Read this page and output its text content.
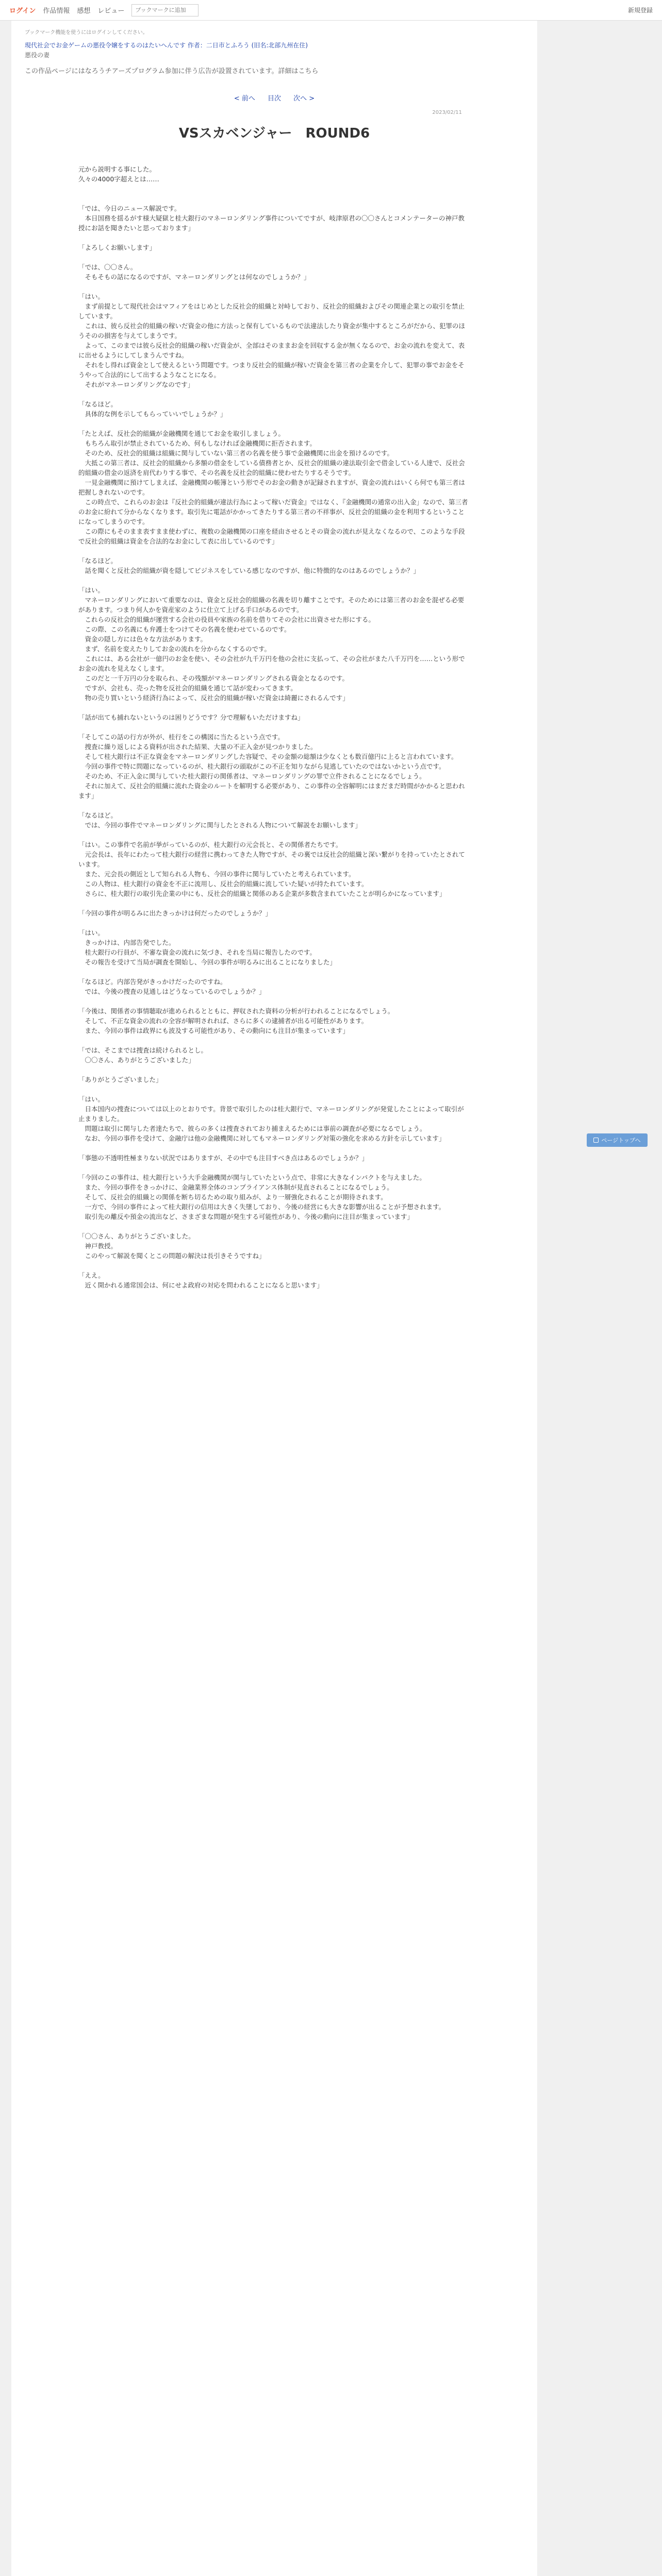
ログイン 作品情報 感想 レビュー
ブックマークに追加	新規登録
ブックマーク機能を使うにはログインしてください。
現代社会でお金ゲームの悪役令嬢をするのはたいへんです 作者：二日市とふろう (旧名:北部九州在住)
悪役の妻
この作品ページにはなろうチアーズプログラム参加に伴う広告が設置されています。詳細はこちら
< 前へ 目次 次へ >
2023/02/11
VSスカベンジャー　ROUND6

元から説明する事にした。

久々の4000字超えとは……

「では、今日のニュース解説です。

　本日国務を揺るがす様大疑獄と桂大銀行のマネーロンダリング事件についてですが、岐津原君の〇〇さんとコメンテーターの神戸教授にお話を聞きたいと思っております」

「よろしくお願いします」

「では、〇〇さん。

　そもそもの話になるのですが、マネーロンダリングとは何なのでしょうか？」

「はい。

　まず前提として現代社会はマフィアをはじめとした反社会的組織と対峙しており、反社会的組織およびその関連企業との取引を禁止しています。

　これは、彼ら反社会的組織の稼いだ資金の他に方法っと保有しているもので法違法したり資金が集中するところがだから、犯罪のほうそのの損害を与えてしまうです。

　よって、このまでは彼ら反社会的組織の稼いだ資金が、全部はそのままお金を回収する金が無くなるので、お金の流れを変えて、表に出せるようにしてしまうんですね。

　それをし得れば資金として使えるという問題です。つまり反社会的組織が稼いだ資金を第三者の企業を介して、犯罪の事でお金をそうやって合法的にして出するようなことになる。

　それがマネーロンダリングなのです」

「なるほど。

　具体的な例を示してもらっていいでしょうか？」

「たとえば、反社会的組織が金融機関を通じてお金を取引しましょう。

　もちろん取引が禁止されているため、何もしなければ金融機関に拒否されます。

　そのため、反社会的組織は組織に関与していない第三者の名義を使う事で金融機関に出金を預けるのです。

　大抵この第三者は、反社会的組織から多額の借金をしている債務者とか、反社会的組織の違法取引金で借金している人達で、反社会的組織の借金の返済を肩代わりする事で、その名義を反社会的組織に使わせたりするそうです。

　一見金融機関に預けてしまえば、金融機関の帳簿という形でそのお金の動きが記録されますが、資金の流れはいくら何でも第三者は把握しきれないのです。

　この時点で、これらのお金は『反社会的組織が違法行為によって稼いだ資金』ではなく、『金融機関の通常の出入金」なので、第三者のお金に紛れて分からなくなります。取引先に電話がかかってきたりする第三者の不祥事が、反社会的組織の金を利用するということになってしまうのです。

　この際にもそのまま表すまま使わずに、複数の金融機関の口座を経由させるとその資金の流れが見えなくなるので、このような手段で反社会的組織は資金を合法的なお金にして表に出しているのです」

「なるほど。

　話を聞くと反社会的組織が資を隠してビジネスをしている感じなのですが、他に特徴的なのはあるのでしょうか？」

「はい。

　マネーロンダリングにおいて重要なのは、資金と反社会的組織の名義を切り離すことです。そのためには第三者のお金を混ぜる必要があります。つまり何人かを資産家のように仕立て上げる手口があるのです。

　これらの反社会的組織が運営する会社の役員や家族の名前を借りてその会社に出資させた形にする。

　この際、この名義にも弁護士をつけてその名義を使わせているのです。

　資金の隠し方には色々な方法があります。

　まず、名前を変えたりしてお金の流れを分からなくするのです。

　これには、ある会社が一億円のお金を使い、その会社が九千万円を他の会社に支払って、その会社がまた八千万円を……という形でお金の流れを見えなくします。

　このだと一千万円の分を取られ、その残額がマネーロンダリングされる資金となるのです。

　ですが、会社も、売った物を反社会的組織を通じて話が変わってきます。

　物の売り買いという経済行為によって、反社会的組織が稼いだ資金は綺麗にされるんです」

「話が出ても捕れないというのは困りどうです？分で理解もいただけますね」

「そしてこの話の行方が外が、桂行をこの構図に当たるという点です。

　捜査に繰り返しによる資料が出された結果、大量の不正入金が見つかりました。

　そして桂大銀行は不正な資金をマネーロンダリングした容疑で、その金額の総額は少なくとも数百億円に上ると言われています。

　今回の事件で特に問題になっているのが、桂大銀行の頭取がこの不正を知りながら見逃していたのではないかという点です。

　そのため、不正入金に関与していた桂大銀行の関係者は、マネーロンダリングの罪で立件されることになるでしょう。

　それに加えて、反社会的組織に流れた資金のルートを解明する必要があり、この事件の全容解明にはまだまだ時間がかかると思われます」

「なるほど。

　では、今回の事件でマネーロンダリングに関与したとされる人物について解説をお願いします」

「はい。この事件で名前が挙がっているのが、桂大銀行の元会長と、その関係者たちです。

　元会長は、長年にわたって桂大銀行の経営に携わってきた人物ですが、その裏では反社会的組織と深い繋がりを持っていたとされています。

　また、元会長の側近として知られる人物も、今回の事件に関与していたと考えられています。

　この人物は、桂大銀行の資金を不正に流用し、反社会的組織に流していた疑いが持たれています。

　さらに、桂大銀行の取引先企業の中にも、反社会的組織と関係のある企業が多数含まれていたことが明らかになっています」

「今回の事件が明るみに出たきっかけは何だったのでしょうか？」

「はい。

　きっかけは、内部告発でした。

　桂大銀行の行員が、不審な資金の流れに気づき、それを当局に報告したのです。

　その報告を受けて当局が調査を開始し、今回の事件が明るみに出ることになりました」

「なるほど。内部告発がきっかけだったのですね。

　では、今後の捜査の見通しはどうなっているのでしょうか？」

「今後は、関係者の事情聴取が進められるとともに、押収された資料の分析が行われることになるでしょう。

　そして、不正な資金の流れの全容が解明されれば、さらに多くの逮捕者が出る可能性があります。

　また、今回の事件は政界にも波及する可能性があり、その動向にも注目が集まっています」

「では、そこまでは捜査は続けられるとし。

　〇〇さん、ありがとうございました」

「ありがとうございました」

「はい。

　日本国内の捜査については以上のとおりです。背景で取引したのは桂大銀行で、マネーロンダリングが発覚したことによって取引が止まりました。

　問題は取引に関与した者達たちで、彼らの多くは捜査されており捕まえるためには事前の調査が必要になるでしょう。

　なお、今回の事件を受けて、金融庁は他の金融機関に対してもマネーロンダリング対策の強化を求める方針を示しています」

「事態の不透明性極まりない状況ではありますが、その中でも注目すべき点はあるのでしょうか？」

「今回のこの事件は、桂大銀行という大手金融機関が関与していたという点で、非常に大きなインパクトを与えました。

　また、今回の事件をきっかけに、金融業界全体のコンプライアンス体制が見直されることになるでしょう。

　そして、反社会的組織との関係を断ち切るための取り組みが、より一層強化されることが期待されます。

　一方で、今回の事件によって桂大銀行の信用は大きく失墜しており、今後の経営にも大きな影響が出ることが予想されます。

　取引先の離反や預金の流出など、さまざまな問題が発生する可能性があり、今後の動向に注目が集まっています」

「〇〇さん、ありがとうございました。

　神戸教授。

　このやって解説を聞くとこの問題の解決は長引きそうですね」

「ええ。

　近く開かれる通常国会は、何にせよ政府の対応を問われることになると思います」

ページトップへ
